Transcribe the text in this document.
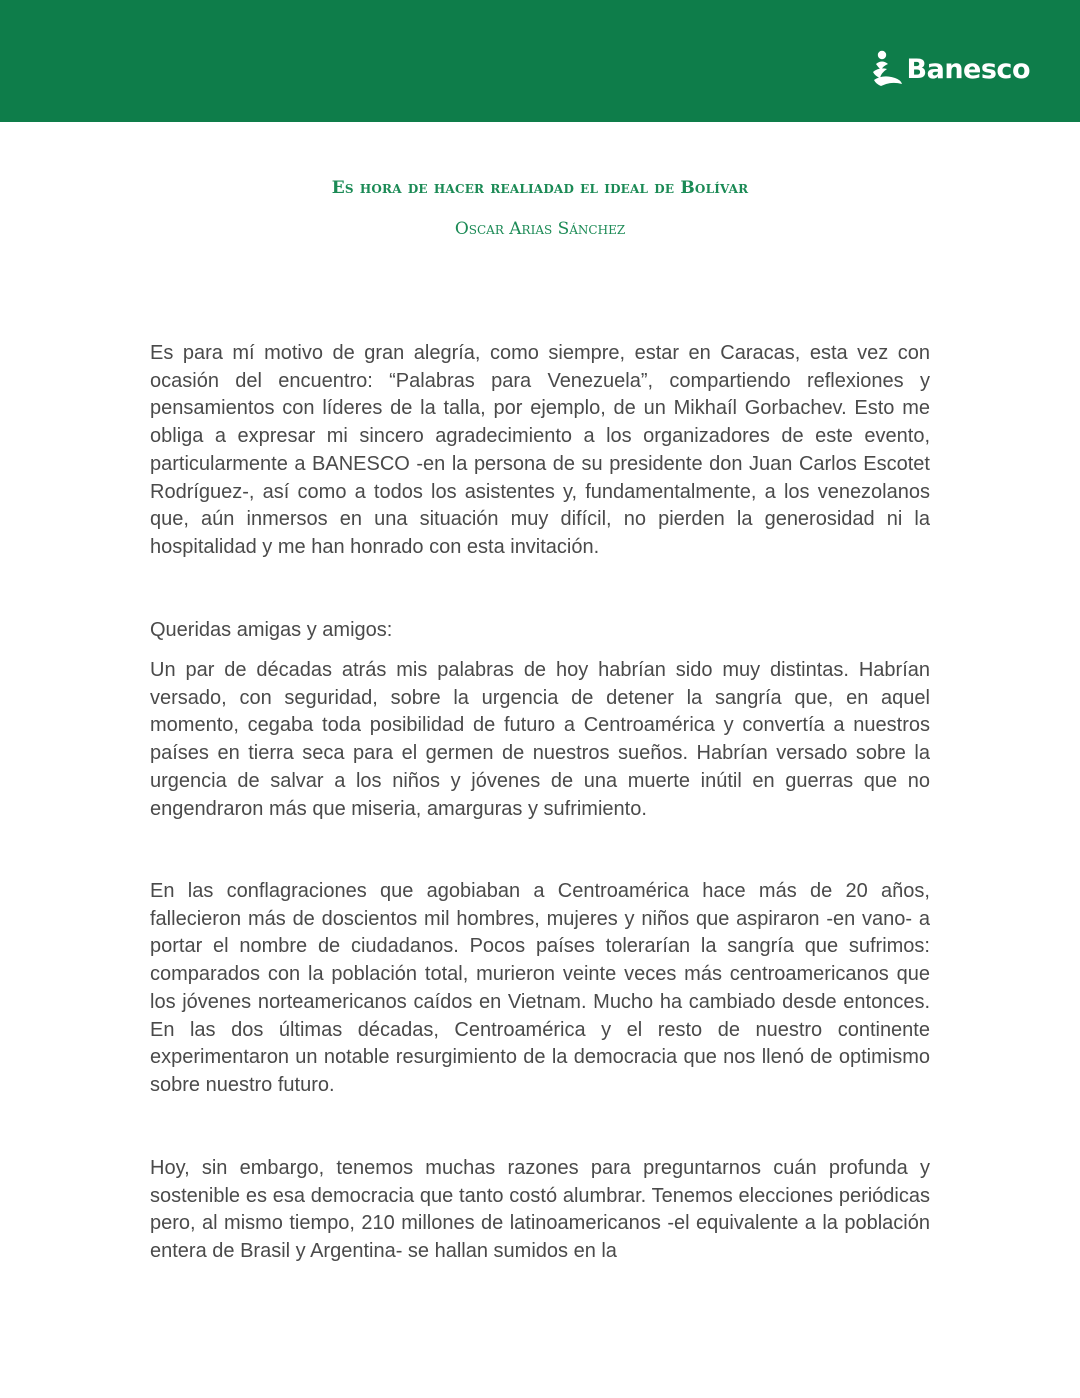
Banesco
Es hora de hacer realiadad el ideal de Bolívar
Oscar Arias Sánchez

Es para mí motivo de gran alegría, como siempre, estar en Caracas, esta vez con ocasión del encuentro: “Palabras para Venezuela”, compartiendo reflexiones y pensamientos con líderes de la talla, por ejemplo, de un Mikhaíl Gorbachev. Esto me obliga a expresar mi sincero agradecimiento a los organizadores de este evento, particularmente a BANESCO -en la persona de su presidente don Juan Carlos Escotet Rodríguez-, así como a todos los asistentes y, fundamentalmente, a los venezolanos que, aún inmersos en una situación muy difícil, no pierden la generosidad ni la hospitalidad y me han honrado con esta invitación.

Queridas amigas y amigos:

Un par de décadas atrás mis palabras de hoy habrían sido muy distintas. Habrían versado, con seguridad, sobre la urgencia de detener la sangría que, en aquel momento, cegaba toda posibilidad de futuro a Centroamérica y convertía a nuestros países en tierra seca para el germen de nuestros sueños. Habrían versado sobre la urgencia de salvar a los niños y jóvenes de una muerte inútil en guerras que no engendraron más que miseria, amarguras y sufrimiento.

En las conflagraciones que agobiaban a Centroamérica hace más de 20 años, fallecieron más de doscientos mil hombres, mujeres y niños que aspiraron -en vano- a portar el nombre de ciudadanos. Pocos países tolerarían la sangría que sufrimos: comparados con la población total, murieron veinte veces más centroamericanos que los jóvenes norteamericanos caídos en Vietnam. Mucho ha cambiado desde entonces. En las dos últimas décadas, Centroamérica y el resto de nuestro continente experimentaron un notable resurgimiento de la democracia que nos llenó de optimismo sobre nuestro futuro.

Hoy, sin embargo, tenemos muchas razones para preguntarnos cuán profunda y sostenible es esa democracia que tanto costó alumbrar. Tenemos elecciones periódicas pero, al mismo tiempo, 210 millones de latinoamericanos -el equivalente a la población entera de Brasil y Argentina- se hallan sumidos en la
